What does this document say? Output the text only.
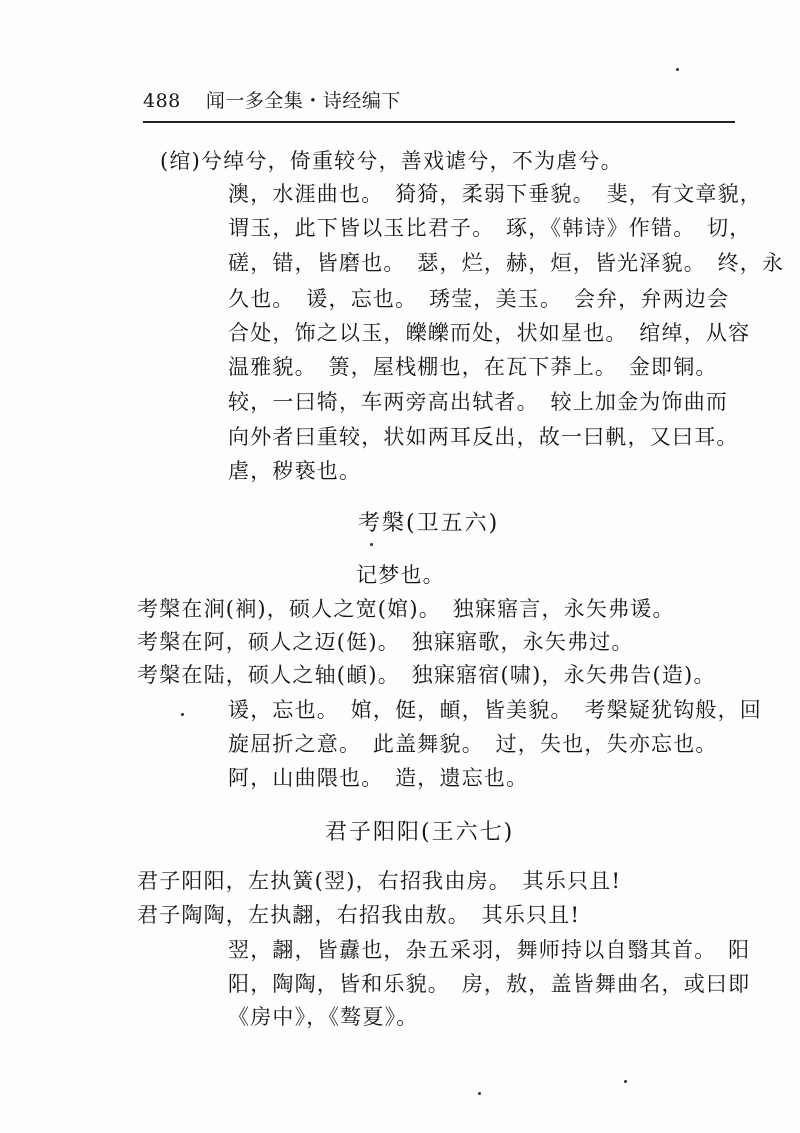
488 闻一多全集・诗经编下
(绾)兮绰兮，倚重较兮，善戏谑兮，不为虐兮。
澳，水涯曲也。　猗猗，柔弱下垂貌。　斐，有文章貌，
谓玉，此下皆以玉比君子。　琢，《韩诗》作错。　切，
磋，错，皆磨也。　瑟，烂，赫，烜，皆光泽貌。　终，永
久也。　谖，忘也。　琇莹，美玉。　会弁，弁两边会
合处，饰之以玉，皪皪而处，状如星也。　绾绰，从容
温雅貌。　箦，屋栈棚也，在瓦下莽上。　金即铜。
较，一曰犄，车两旁高出轼者。　较上加金为饰曲而
向外者曰重较，状如两耳反出，故一曰軓，又曰耳。
虐，秽亵也。
考槃(卫五六)
记梦也。
考槃在涧(裥)，硕人之宽(婠)。　独寐寤言，永矢弗谖。
考槃在阿，硕人之迈(侹)。　独寐寤歌，永矢弗过。
考槃在陆，硕人之轴(頔)。　独寐寤宿(啸)，永矢弗告(造)。
谖，忘也。　婠，侹，頔，皆美貌。　考槃疑犹钩般，回
旋屈折之意。　此盖舞貌。　过，失也，失亦忘也。
阿，山曲隈也。　造，遗忘也。
君子阳阳(王六七)
君子阳阳，左执簧(翌)，右招我由房。　其乐只且!
君子陶陶，左执翿，右招我由敖。　其乐只且!
翌，翿，皆纛也，杂五采羽，舞师持以自翳其首。　阳
阳，陶陶，皆和乐貌。　房，敖，盖皆舞曲名，或曰即
《房中》，《骜夏》。
